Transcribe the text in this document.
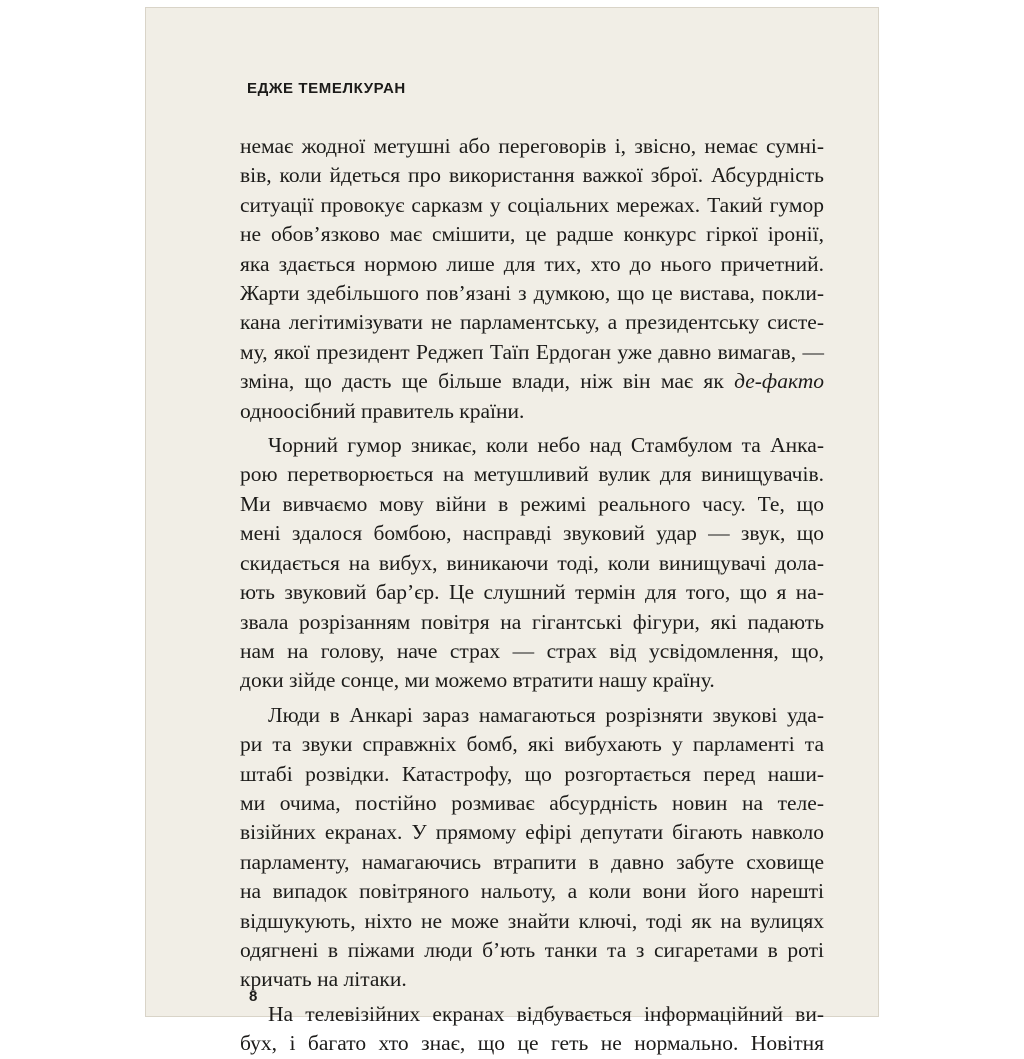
ЕДЖЕ ТЕМЕЛКУРАН

немає жодної метушні або переговорів і, звісно, немає сумні-
вів, коли йдеться про використання важкої зброї. Абсурдність
ситуації провокує сарказм у соціальних мережах. Такий гумор
не обов’язково має смішити, це радше конкурс гіркої іронії,
яка здається нормою лише для тих, хто до нього причетний.
Жарти здебільшого пов’язані з думкою, що це вистава, покли-
кана легітимізувати не парламентську, а президентську систе-
му, якої президент Реджеп Таїп Ердоган уже давно вимагав, —
зміна, що дасть ще більше влади, ніж він має як де-факто
одноосібний правитель країни.

Чорний гумор зникає, коли небо над Стамбулом та Анка-
рою перетворюється на метушливий вулик для винищувачів.
Ми вивчаємо мову війни в режимі реального часу. Те, що
мені здалося бомбою, насправді звуковий удар — звук, що
скидається на вибух, виникаючи тоді, коли винищувачі дола-
ють звуковий бар’єр. Це слушний термін для того, що я на-
звала розрізанням повітря на гігантські фігури, які падають
нам на голову, наче страх — страх від усвідомлення, що,
доки зійде сонце, ми можемо втратити нашу країну.

Люди в Анкарі зараз намагаються розрізняти звукові уда-
ри та звуки справжніх бомб, які вибухають у парламенті та
штабі розвідки. Катастрофу, що розгортається перед наши-
ми очима, постійно розмиває абсурдність новин на теле-
візійних екранах. У прямому ефірі депутати бігають навколо
парламенту, намагаючись втрапити в давно забуте сховище
на випадок повітряного нальоту, а коли вони його нарешті
відшукують, ніхто не може знайти ключі, тоді як на вулицях
одягнені в піжами люди б’ють танки та з сигаретами в роті
кричать на літаки.

На телевізійних екранах відбувається інформаційний ви-
бух, і багато хто знає, що це геть не нормально. Новітня

8
